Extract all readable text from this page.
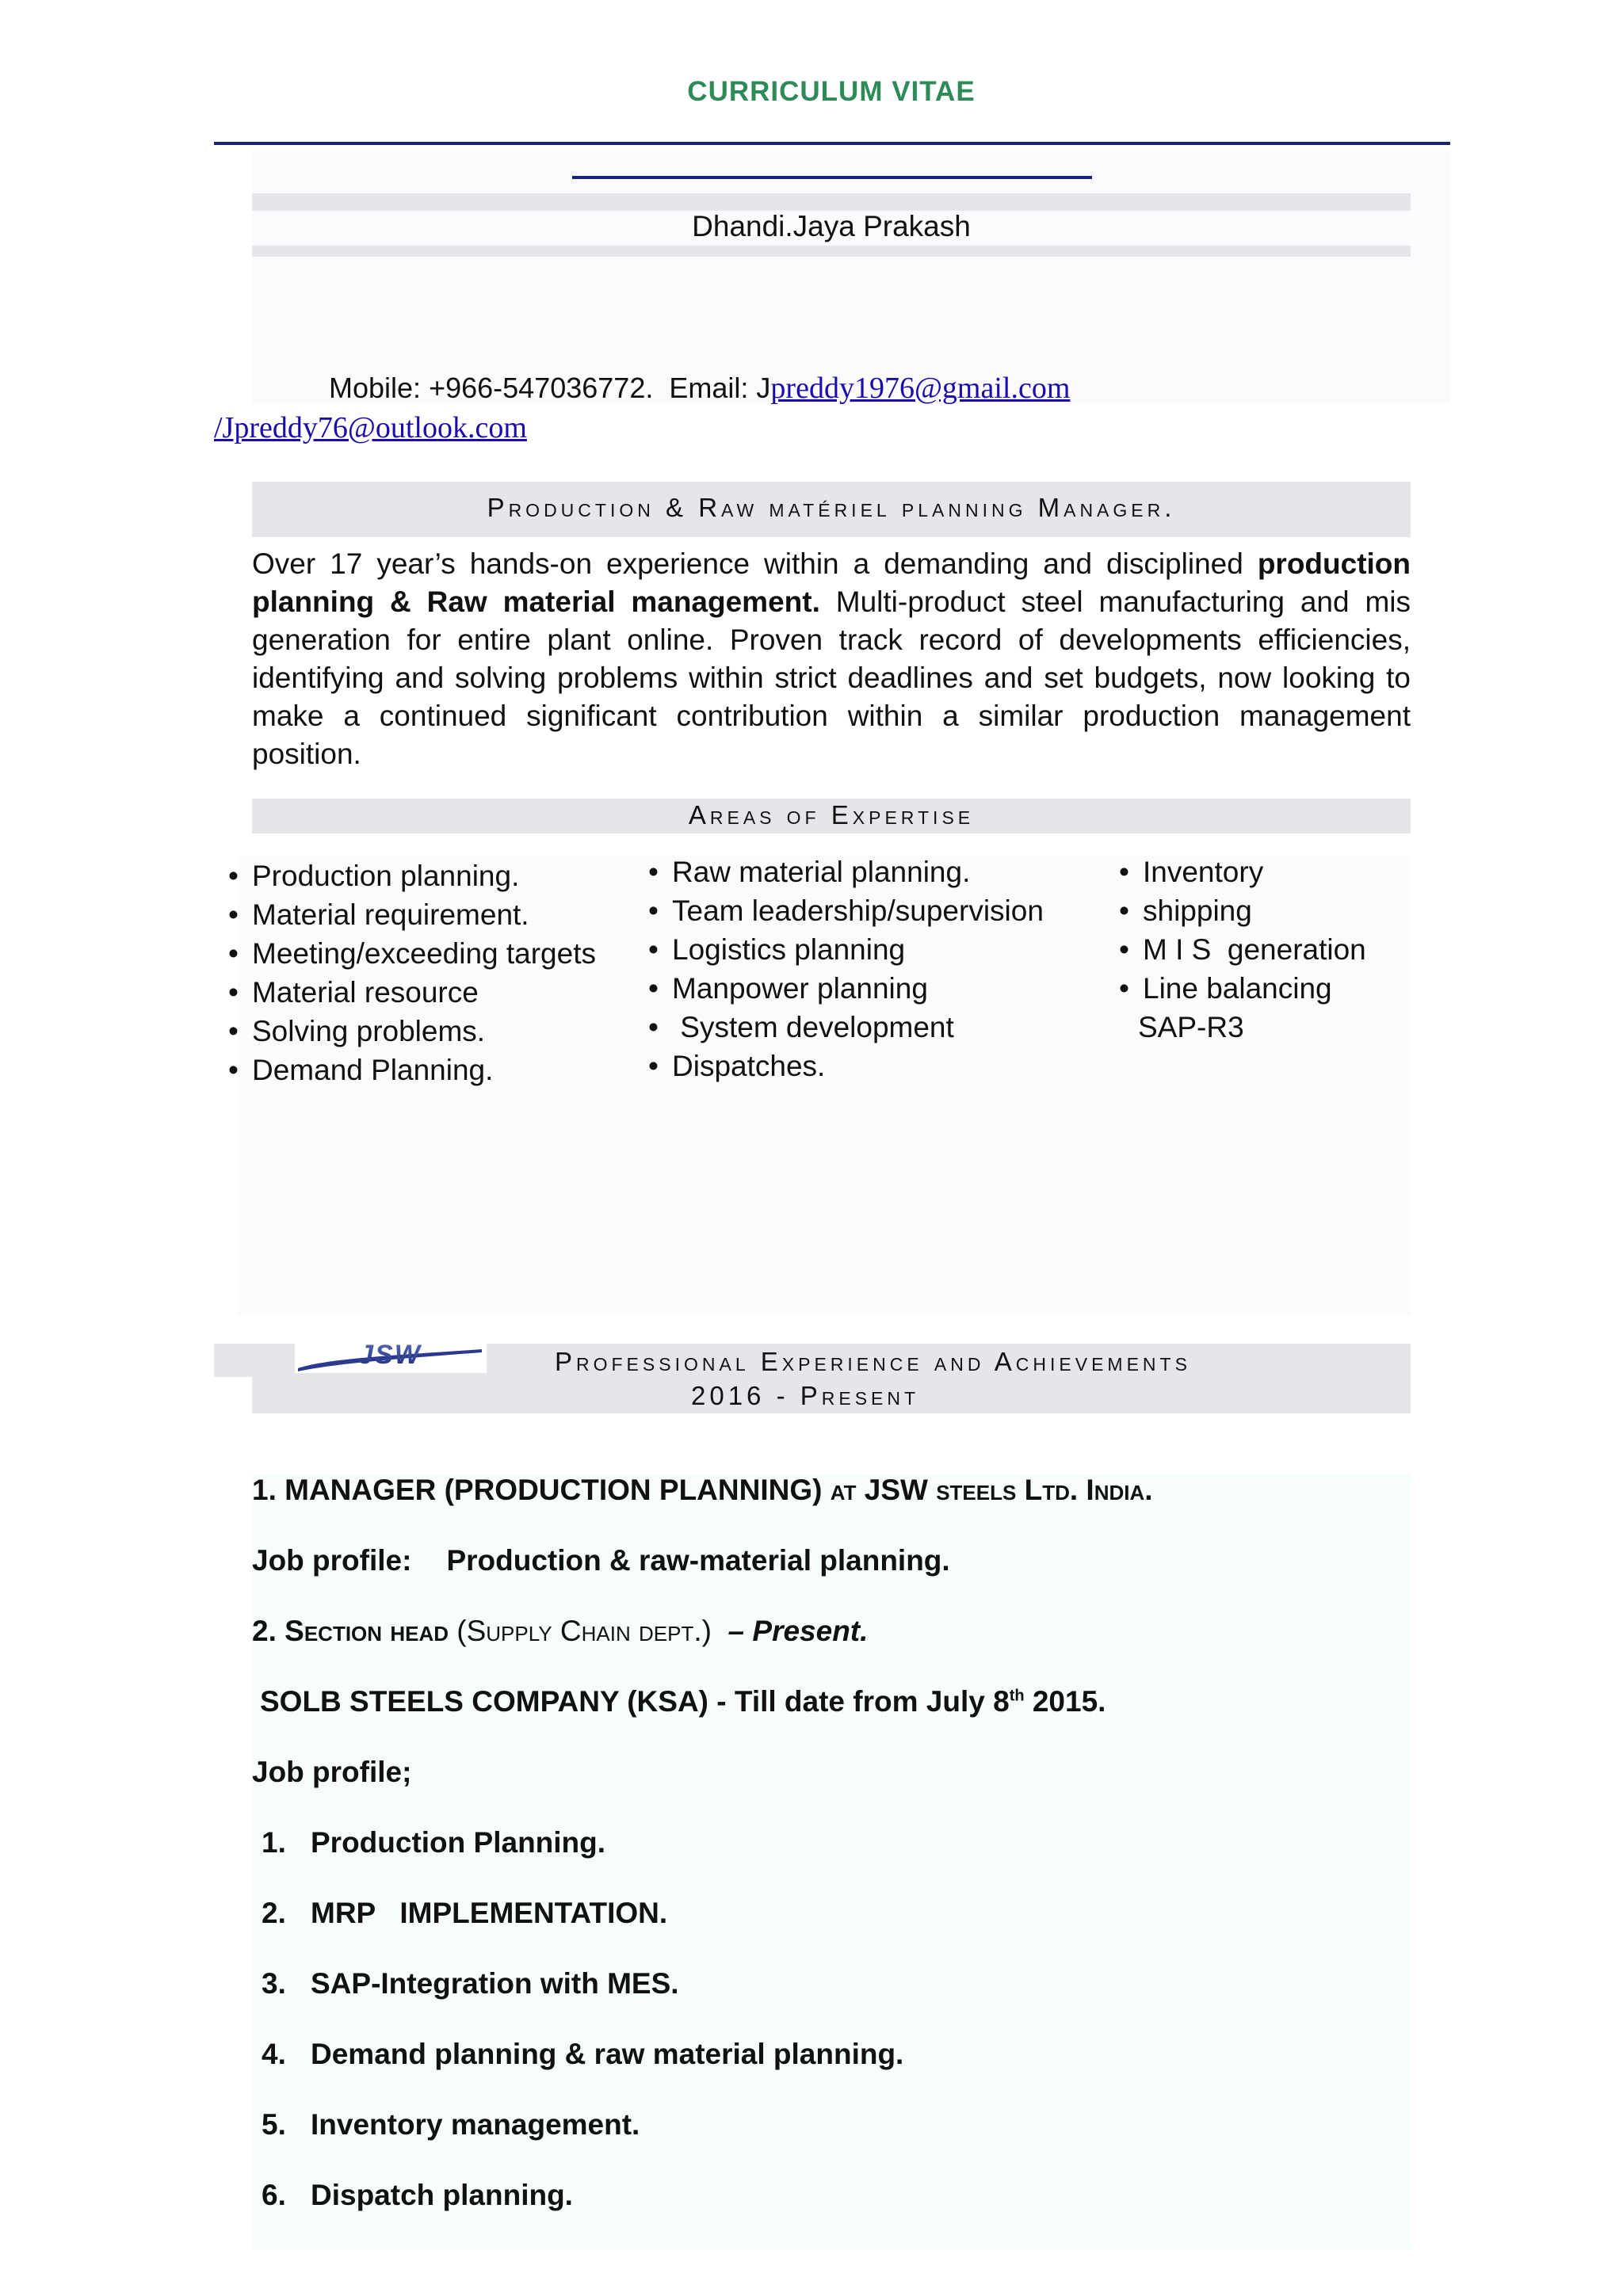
CURRICULUM VITAE
Dhandi.Jaya Prakash
Mobile: +966-547036772. Email: Jpreddy1976@gmail.com
/Jpreddy76@outlook.com
Production & Raw matériel planning Manager.
Over 17 year’s hands-on experience within a demanding and disciplined production planning & Raw material management. Multi-product steel manufacturing and mis generation for entire plant online. Proven track record of developments efficiencies, identifying and solving problems within strict deadlines and set budgets, now looking to make a continued significant contribution within a similar production management position.
Areas of Expertise
• Production planning.
• Material requirement.
• Meeting/exceeding targets
• Material resource
• Solving problems.
• Demand Planning.
• Raw material planning.
• Team leadership/supervision
• Logistics planning
• Manpower planning
•  System development
• Dispatches.
• Inventory
• shipping
• M I S  generation
• Line balancing
SAP-R3
JSW	Professional Experience and Achievements
2016 - Present
1. MANAGER (PRODUCTION PLANNING) at JSW steels Ltd. India.
Job profile: Production & raw-material planning.
2. Section head (Supply Chain dept.) – Present.
SOLB STEELS COMPANY (KSA) - Till date from July 8th 2015.
Job profile;
1. Production Planning.
2. MRP   IMPLEMENTATION.
3. SAP-Integration with MES.
4. Demand planning & raw material planning.
5. Inventory management.
6. Dispatch planning.
